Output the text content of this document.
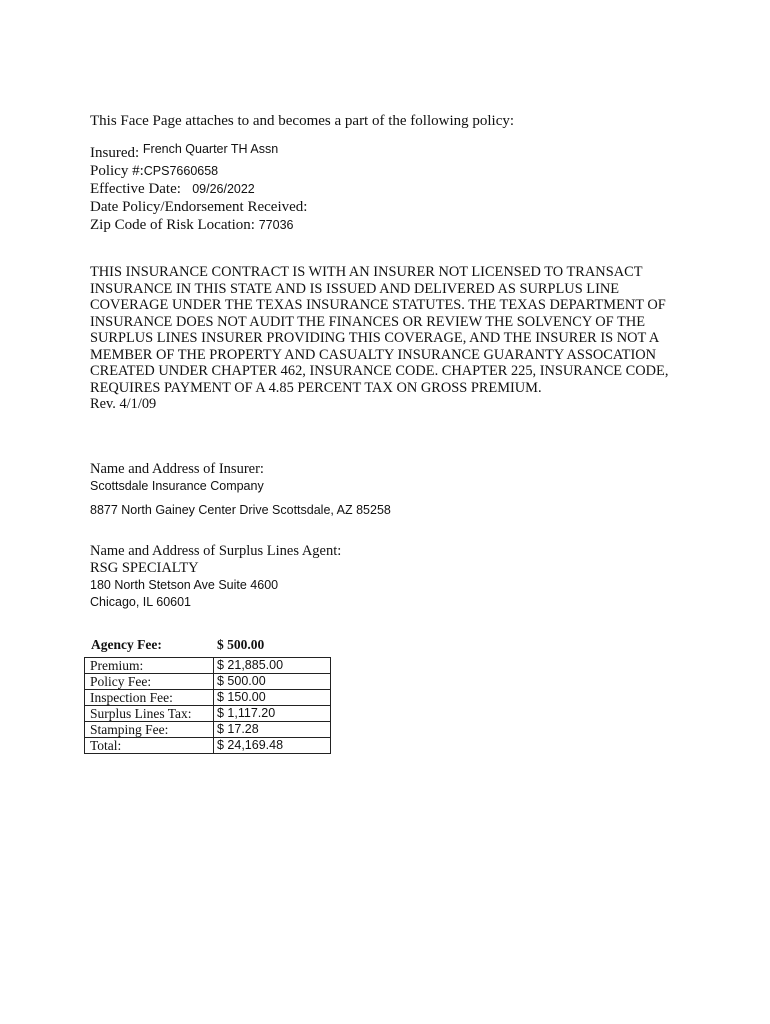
This Face Page attaches to and becomes a part of the following policy:
Insured: $^{French Quarter TH Assn}$
Policy #:CPS7660658
Effective Date: 09/26/2022
Date Policy/Endorsement Received:
Zip Code of Risk Location: 77036
THIS INSURANCE CONTRACT IS WITH AN INSURER NOT LICENSED TO TRANSACT INSURANCE IN THIS STATE AND IS ISSUED AND DELIVERED AS SURPLUS LINE COVERAGE UNDER THE TEXAS INSURANCE STATUTES. THE TEXAS DEPARTMENT OF INSURANCE DOES NOT AUDIT THE FINANCES OR REVIEW THE SOLVENCY OF THE SURPLUS LINES INSURER PROVIDING THIS COVERAGE, AND THE INSURER IS NOT A MEMBER OF THE PROPERTY AND CASUALTY INSURANCE GUARANTY ASSOCATION CREATED UNDER CHAPTER 462, INSURANCE CODE. CHAPTER 225, INSURANCE CODE, REQUIRES PAYMENT OF A 4.85 PERCENT TAX ON GROSS PREMIUM.
Rev. 4/1/09
Name and Address of Insurer:
Scottsdale Insurance Company
8877 North Gainey Center Drive Scottsdale, AZ 85258
Name and Address of Surplus Lines Agent:
RSG SPECIALTY
180 North Stetson Ave Suite 4600
Chicago, IL 60601
Agency Fee:	$ 500.00
Premium:	$ 21,885.00
Policy Fee:	$ 500.00
Inspection Fee:	$ 150.00
Surplus Lines Tax:	$ 1,117.20
Stamping Fee:	$ 17.28
Total:	$ 24,169.48
